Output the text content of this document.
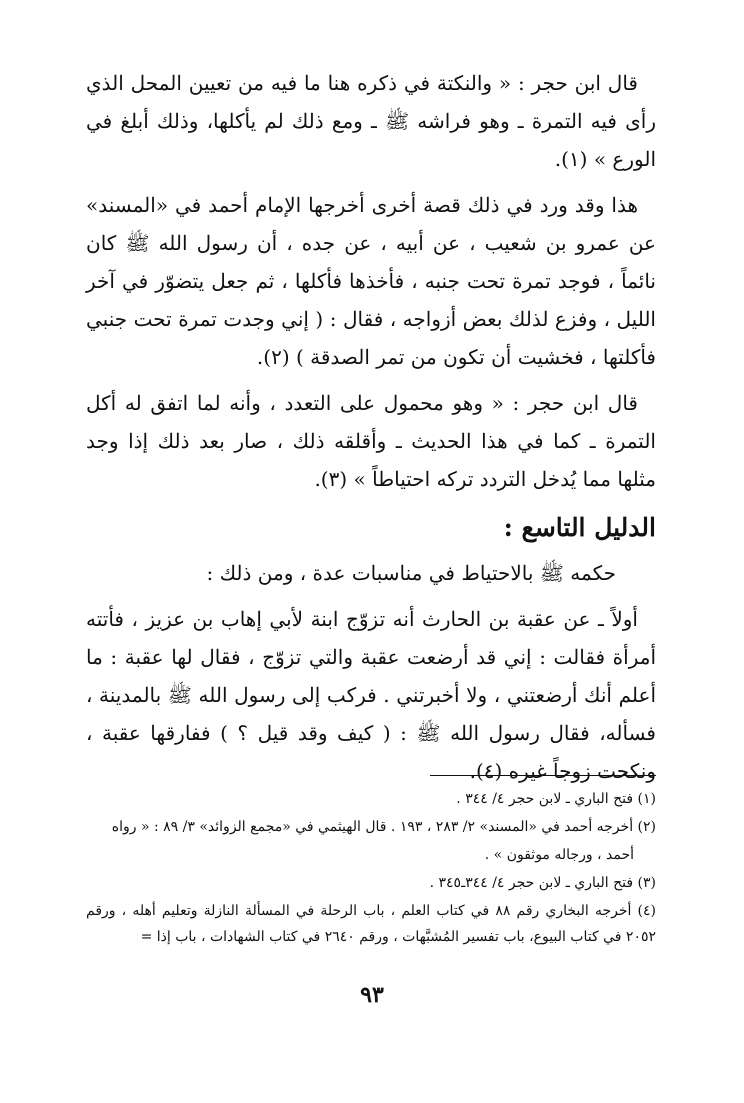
قال ابن حجر : « والنكتة في ذكره هنا ما فيه من تعيين المحل الذي رأى فيه التمرة ـ وهو فراشه ﷺ ـ ومع ذلك لم يأكلها، وذلك أبلغ في الورع » (١).

هذا وقد ورد في ذلك قصة أخرى أخرجها الإمام أحمد في «المسند» عن عمرو بن شعيب ، عن أبيه ، عن جده ، أن رسول الله ﷺ كان نائماً ، فوجد تمرة تحت جنبه ، فأخذها فأكلها ، ثم جعل يتضوّر في آخر الليل ، وفزع لذلك بعض أزواجه ، فقال : ( إني وجدت تمرة تحت جنبي فأكلتها ، فخشيت أن تكون من تمر الصدقة ) (٢).

قال ابن حجر : « وهو محمول على التعدد ، وأنه لما اتفق له أكل التمرة ـ كما في هذا الحديث ـ وأقلقه ذلك ، صار بعد ذلك إذا وجد مثلها مما يُدخل التردد تركه احتياطاً » (٣).

الدليل التاسع :

حكمه ﷺ بالاحتياط في مناسبات عدة ، ومن ذلك :

أولاً ـ عن عقبة بن الحارث أنه تزوّج ابنة لأبي إهاب بن عزيز ، فأتته أمرأة فقالت : إني قد أرضعت عقبة والتي تزوّج ، فقال لها عقبة : ما أعلم أنك أرضعتني ، ولا أخبرتني . فركب إلى رسول الله ﷺ بالمدينة ، فسأله، فقال رسول الله ﷺ : ( كيف وقد قيل ؟ ) ففارقها عقبة ، ونكحت زوجاً غيره (٤).

(١) فتح الباري ـ لابن حجر ٤/ ٣٤٤ .
(٢) أخرجه أحمد في «المسند» ٢/ ٢٨٣ ، ١٩٣ . قال الهيثمي في «مجمع الزوائد» ٣/ ٨٩ : « رواه
أحمد ، ورجاله موثقون » .
(٣) فتح الباري ـ لابن حجر ٤/ ٣٤٤ـ٣٤٥ .
(٤) أخرجه البخاري رقم ٨٨ في كتاب العلم ، باب الرحلة في المسألة النازلة وتعليم أهله ، ورقم ٢٠٥٢ في كتاب البيوع، باب تفسير المُشبَّهات ، ورقم ٢٦٤٠ في كتاب الشهادات ، باب إذا =
٩٣
